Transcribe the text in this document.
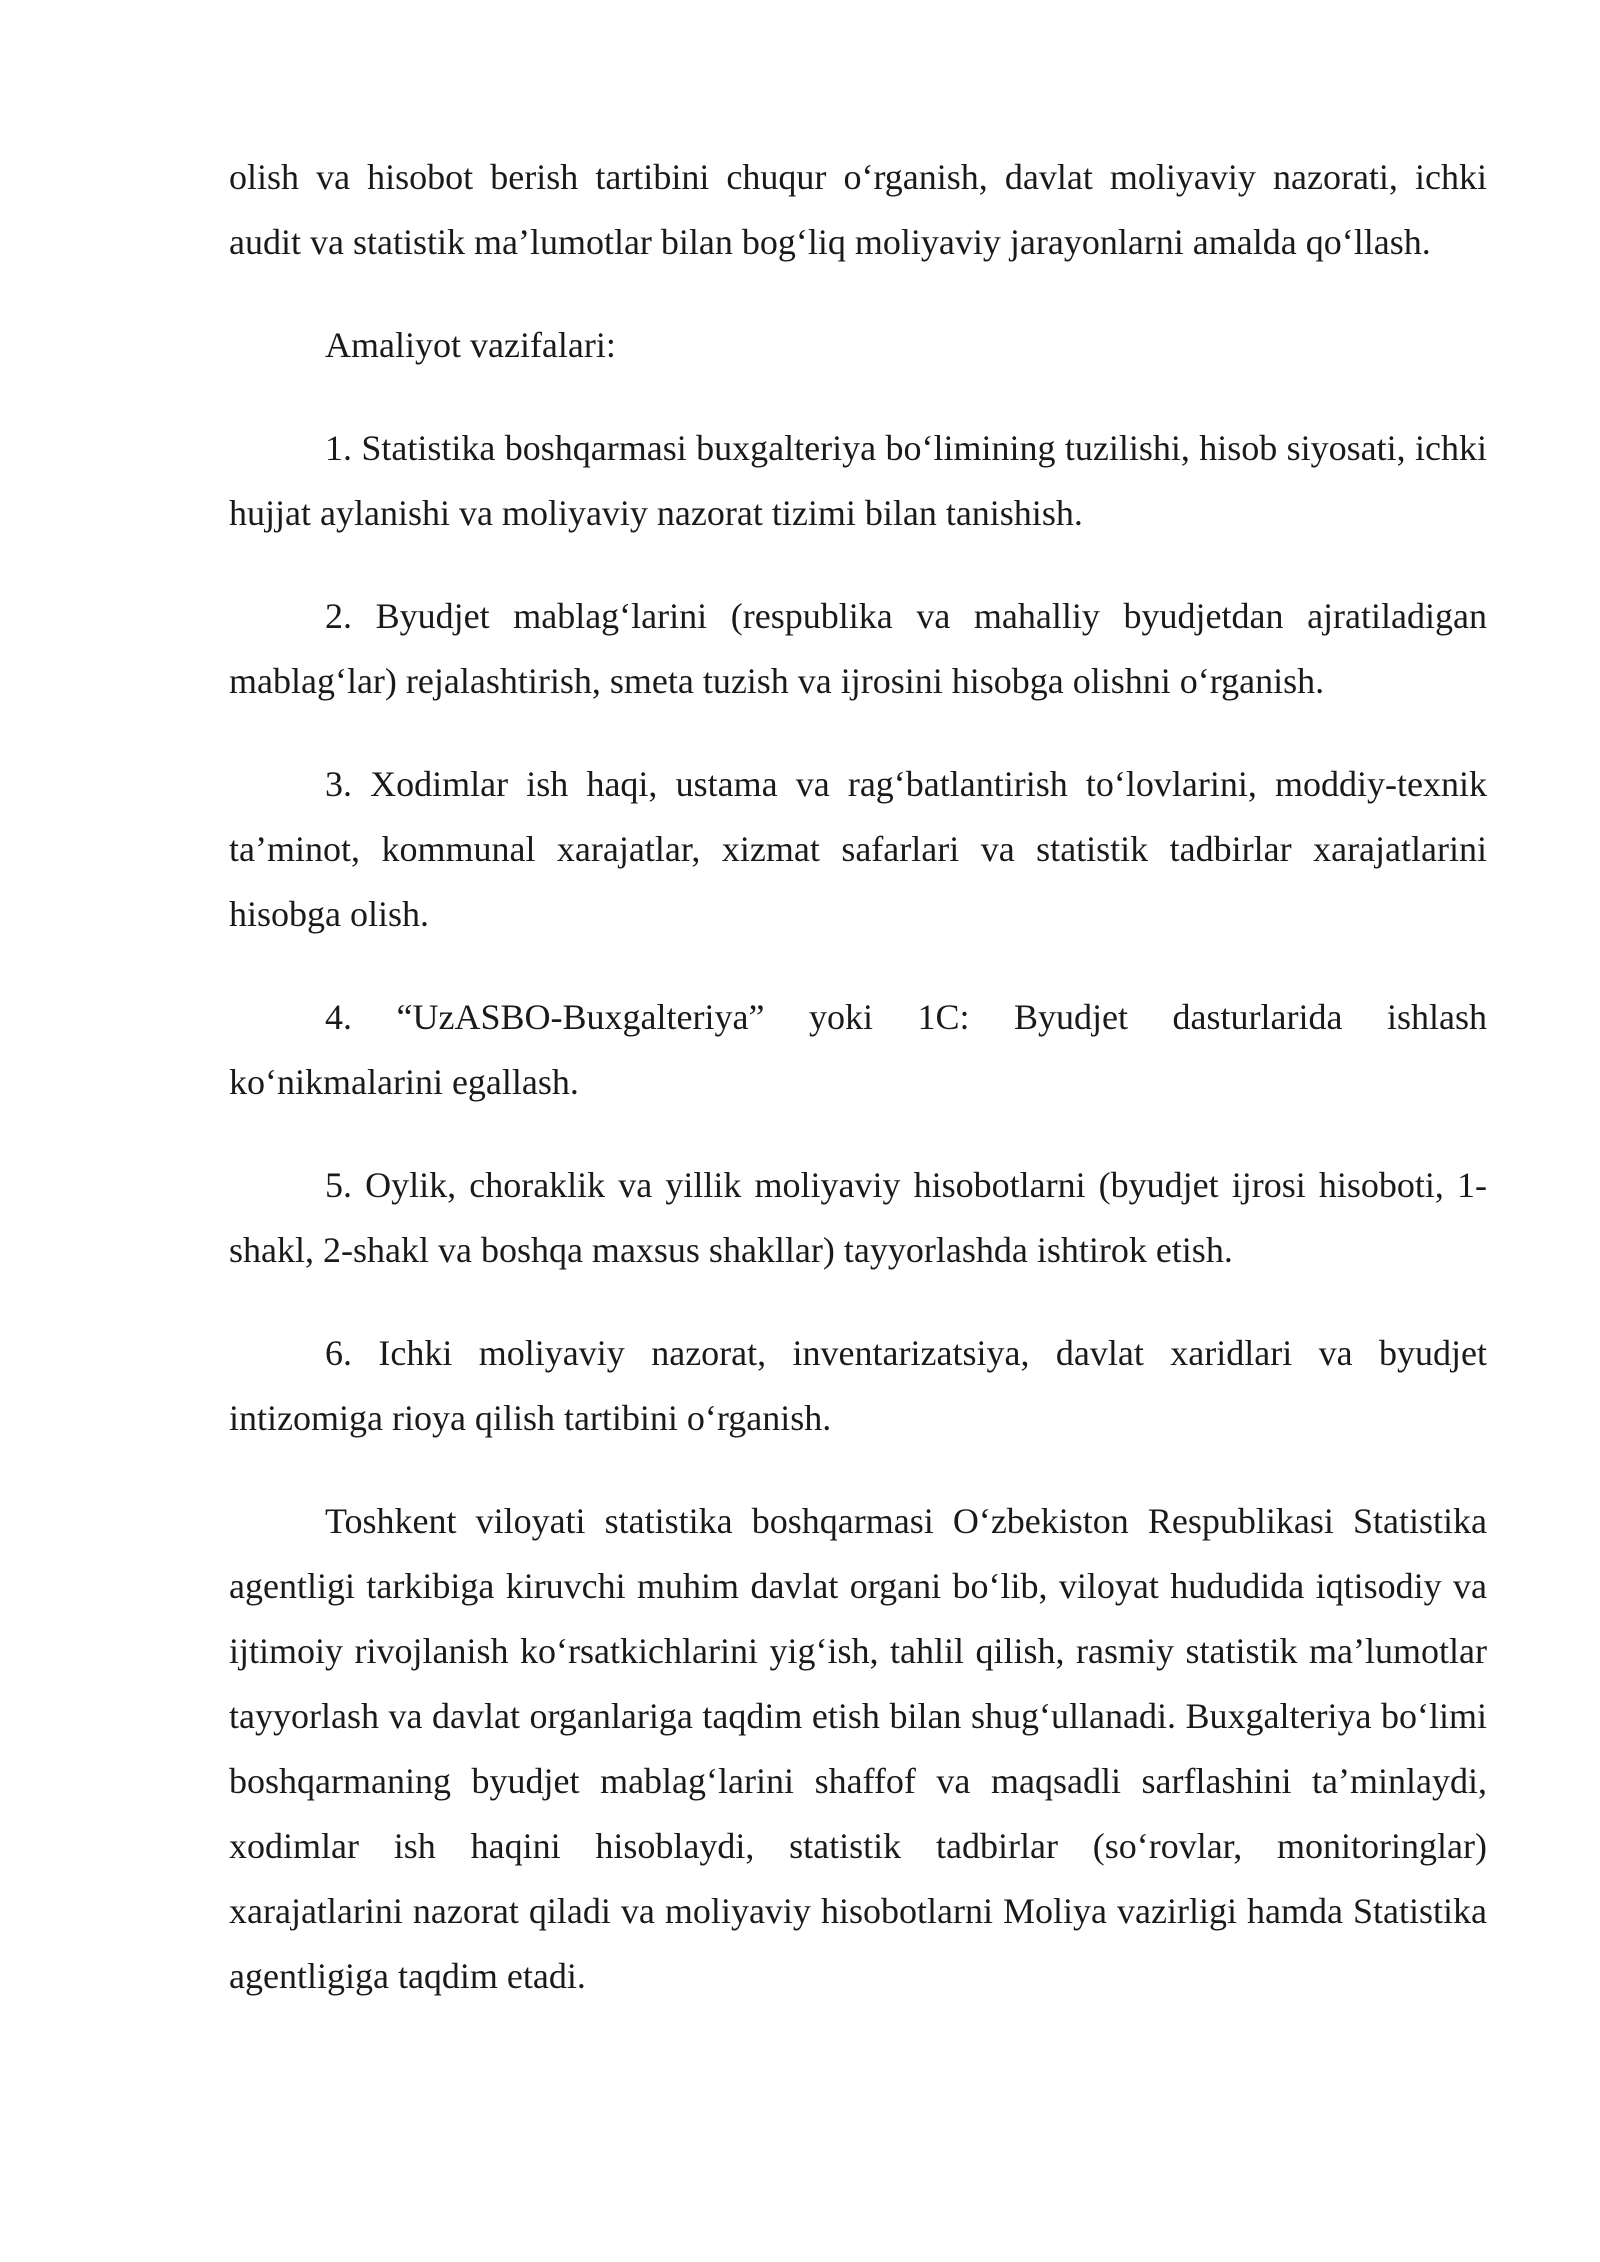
olish va hisobot berish tartibini chuqur o‘rganish, davlat moliyaviy nazorati, ichki audit va statistik ma’lumotlar bilan bog‘liq moliyaviy jarayonlarni amalda qo‘llash.

Amaliyot vazifalari:

1. Statistika boshqarmasi buxgalteriya bo‘limining tuzilishi, hisob siyosati, ichki hujjat aylanishi va moliyaviy nazorat tizimi bilan tanishish.

2. Byudjet mablag‘larini (respublika va mahalliy byudjetdan ajratiladigan mablag‘lar) rejalashtirish, smeta tuzish va ijrosini hisobga olishni o‘rganish.

3. Xodimlar ish haqi, ustama va rag‘batlantirish to‘lovlarini, moddiy-texnik ta’minot, kommunal xarajatlar, xizmat safarlari va statistik tadbirlar xarajatlarini hisobga olish.

4. “UzASBO-Buxgalteriya” yoki 1C: Byudjet dasturlarida ishlash ko‘nikmalarini egallash.

5. Oylik, choraklik va yillik moliyaviy hisobotlarni (byudjet ijrosi hisoboti, 1-shakl, 2-shakl va boshqa maxsus shakllar) tayyorlashda ishtirok etish.

6. Ichki moliyaviy nazorat, inventarizatsiya, davlat xaridlari va byudjet intizomiga rioya qilish tartibini o‘rganish.

Toshkent viloyati statistika boshqarmasi O‘zbekiston Respublikasi Statistika agentligi tarkibiga kiruvchi muhim davlat organi bo‘lib, viloyat hududida iqtisodiy va ijtimoiy rivojlanish ko‘rsatkichlarini yig‘ish, tahlil qilish, rasmiy statistik ma’lumotlar tayyorlash va davlat organlariga taqdim etish bilan shug‘ullanadi. Buxgalteriya bo‘limi boshqarmaning byudjet mablag‘larini shaffof va maqsadli sarflashini ta’minlaydi, xodimlar ish haqini hisoblaydi, statistik tadbirlar (so‘rovlar, monitoringlar) xarajatlarini nazorat qiladi va moliyaviy hisobotlarni Moliya vazirligi hamda Statistika agentligiga taqdim etadi.
